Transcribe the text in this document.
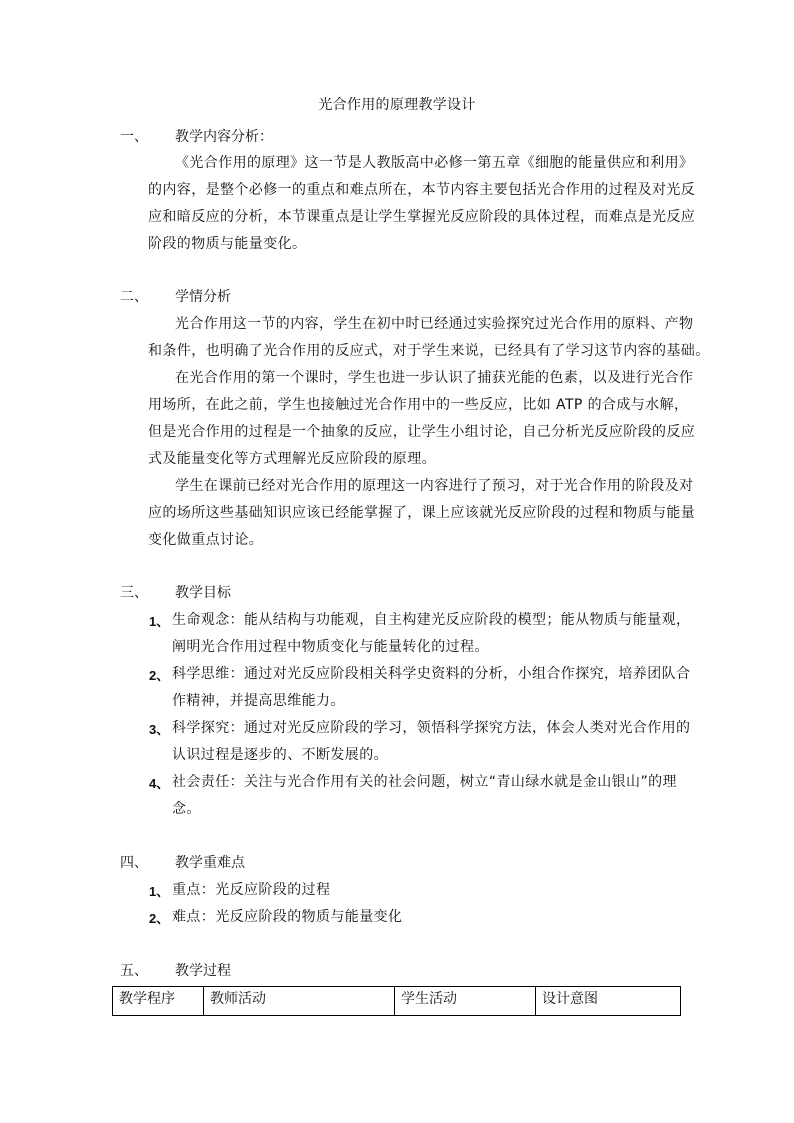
光合作用的原理教学设计
一、 教学内容分析：
《光合作用的原理》这一节是人教版高中必修一第五章《细胞的能量供应和利用》
的内容，是整个必修一的重点和难点所在，本节内容主要包括光合作用的过程及对光反
应和暗反应的分析，本节课重点是让学生掌握光反应阶段的具体过程，而难点是光反应
阶段的物质与能量变化。
二、 学情分析
光合作用这一节的内容，学生在初中时已经通过实验探究过光合作用的原料、产物
和条件，也明确了光合作用的反应式，对于学生来说，已经具有了学习这节内容的基础。
在光合作用的第一个课时，学生也进一步认识了捕获光能的色素，以及进行光合作
用场所，在此之前，学生也接触过光合作用中的一些反应，比如 ATP 的合成与水解，
但是光合作用的过程是一个抽象的反应，让学生小组讨论，自己分析光反应阶段的反应
式及能量变化等方式理解光反应阶段的原理。
学生在课前已经对光合作用的原理这一内容进行了预习，对于光合作用的阶段及对
应的场所这些基础知识应该已经能掌握了，课上应该就光反应阶段的过程和物质与能量
变化做重点讨论。
三、 教学目标
1、 生命观念：能从结构与功能观，自主构建光反应阶段的模型；能从物质与能量观，
阐明光合作用过程中物质变化与能量转化的过程。
2、 科学思维：通过对光反应阶段相关科学史资料的分析，小组合作探究，培养团队合
作精神，并提高思维能力。
3、 科学探究：通过对光反应阶段的学习，领悟科学探究方法，体会人类对光合作用的
认识过程是逐步的、不断发展的。
4、 社会责任：关注与光合作用有关的社会问题，树立“青山绿水就是金山银山”的理
念。
四、 教学重难点
1、 重点：光反应阶段的过程
2、 难点：光反应阶段的物质与能量变化
五、 教学过程
教学程序	教师活动	学生活动	设计意图
